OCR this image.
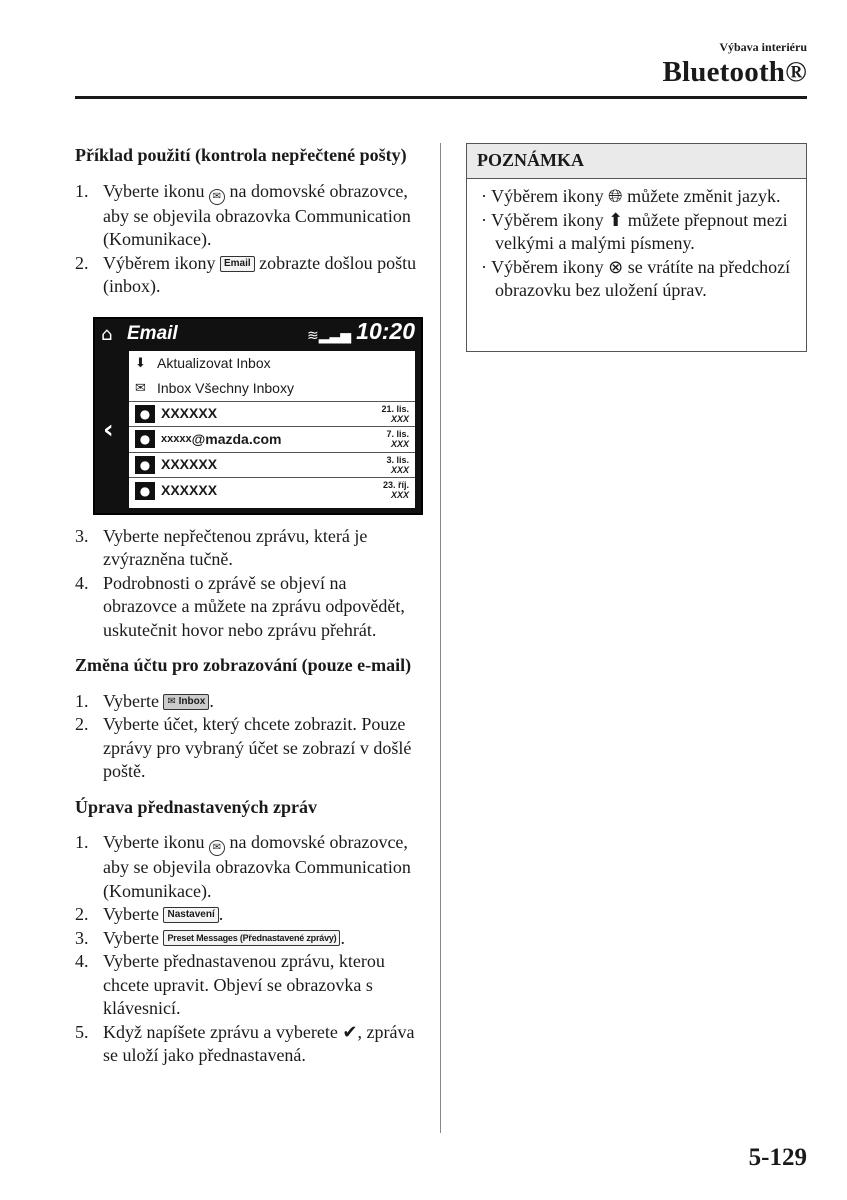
Výbava interiéru
Bluetooth®
Příklad použití (kontrola nepřečtené pošty)
1. Vyberte ikonu ✉ na domovské obrazovce, aby se objevila obrazovka Communication (Komunikace).
2. Výběrem ikony Email zobrazte došlou poštu (inbox).
⌂ Email	≋▂▃▅ 10:20
‹
⬇ Aktualizovat Inbox
✉ Inbox Všechny Inboxy
● XXXXXX	21. lis.
XXX
● xxxxx @mazda.com	7. lis.
XXX
● XXXXXX	3. lis.
XXX
● XXXXXX	23. říj.
XXX
3. Vyberte nepřečtenou zprávu, která je zvýrazněna tučně.
4. Podrobnosti o zprávě se objeví na obrazovce a můžete na zprávu odpovědět, uskutečnit hovor nebo zprávu přehrát.
Změna účtu pro zobrazování (pouze e-mail)
1. Vyberte ✉ Inbox .
2. Vyberte účet, který chcete zobrazit. Pouze zprávy pro vybraný účet se zobrazí v došlé poště.
Úprava přednastavených zpráv
1. Vyberte ikonu ✉ na domovské obrazovce, aby se objevila obrazovka Communication (Komunikace).
2. Vyberte Nastavení .
3. Vyberte Preset Messages (Přednastavené zprávy) .
4. Vyberte přednastavenou zprávu, kterou chcete upravit. Objeví se obrazovka s klávesnicí.
5. Když napíšete zprávu a vyberete ✔, zpráva se uloží jako přednastavená.
POZNÁMKA
· Výběrem ikony 🌐︎ můžete změnit jazyk.
· Výběrem ikony ⬆ můžete přepnout mezi velkými a malými písmeny.
· Výběrem ikony ⊗ se vrátíte na předchozí obrazovku bez uložení úprav.
5-129
